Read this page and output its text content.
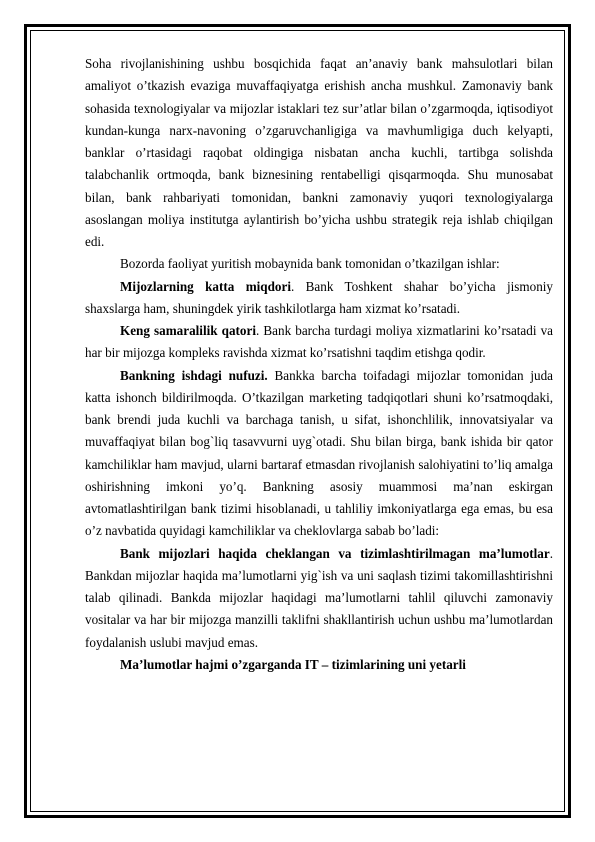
Soha rivojlanishining ushbu bosqichida faqat an’anaviy bank mahsulotlari bilan amaliyot o’tkazish evaziga muvaffaqiyatga erishish ancha mushkul. Zamonaviy bank sohasida texnologiyalar va mijozlar istaklari tez sur’atlar bilan o’zgarmoqda, iqtisodiyot kundan-kunga narx-navoning o’zgaruvchanligiga va mavhumligiga duch kelyapti, banklar o’rtasidagi raqobat oldingiga nisbatan ancha kuchli, tartibga solishda talabchanlik ortmoqda, bank biznesining rentabelligi qisqarmoqda. Shu munosabat bilan, bank rahbariyati tomonidan, bankni zamonaviy yuqori texnologiyalarga asoslangan moliya institutga aylantirish bo’yicha ushbu strategik reja ishlab chiqilgan edi.

Bozorda faoliyat yuritish mobaynida bank tomonidan o’tkazilgan ishlar:

Mijozlarning katta miqdori. Bank Toshkent shahar bo’yicha jismoniy shaxslarga ham, shuningdek yirik tashkilotlarga ham xizmat ko’rsatadi.

Keng samaralilik qatori. Bank barcha turdagi moliya xizmatlarini ko’rsatadi va har bir mijozga kompleks ravishda xizmat ko’rsatishni taqdim etishga qodir.

Bankning ishdagi nufuzi. Bankka barcha toifadagi mijozlar tomonidan juda katta ishonch bildirilmoqda. O’tkazilgan marketing tadqiqotlari shuni ko’rsatmoqdaki, bank brendi juda kuchli va barchaga tanish, u sifat, ishonchlilik, innovatsiyalar va muvaffaqiyat bilan bog`liq tasavvurni uyg`otadi. Shu bilan birga, bank ishida bir qator kamchiliklar ham mavjud, ularni bartaraf etmasdan rivojlanish salohiyatini to’liq amalga oshirishning imkoni yo’q. Bankning asosiy muammosi ma’nan eskirgan avtomatlashtirilgan bank tizimi hisoblanadi, u tahliliy imkoniyatlarga ega emas, bu esa o’z navbatida quyidagi kamchiliklar va cheklovlarga sabab bo’ladi:

Bank mijozlari haqida cheklangan va tizimlashtirilmagan ma’lumotlar. Bankdan mijozlar haqida ma’lumotlarni yig`ish va uni saqlash tizimi takomillashtirishni talab qilinadi. Bankda mijozlar haqidagi ma’lumotlarni tahlil qiluvchi zamonaviy vositalar va har bir mijozga manzilli taklifni shakllantirish uchun ushbu ma’lumotlardan foydalanish uslubi mavjud emas.

Ma’lumotlar hajmi o’zgarganda IT – tizimlarining uni yetarli
